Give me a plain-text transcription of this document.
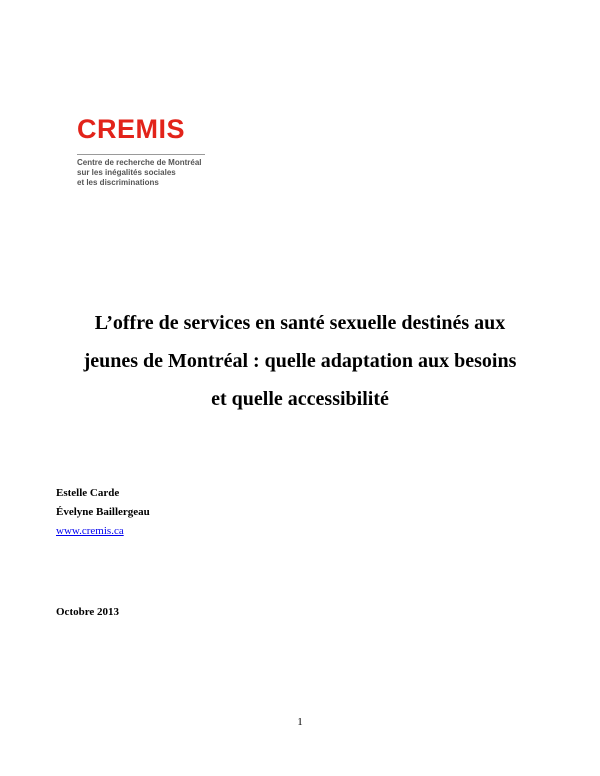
CREMIS
Centre de recherche de Montréal
sur les inégalités sociales
et les discriminations
L’offre de services en santé sexuelle destinés aux
jeunes de Montréal : quelle adaptation aux besoins
et quelle accessibilité
Estelle Carde
Évelyne Baillergeau
www.cremis.ca
Octobre 2013
1
